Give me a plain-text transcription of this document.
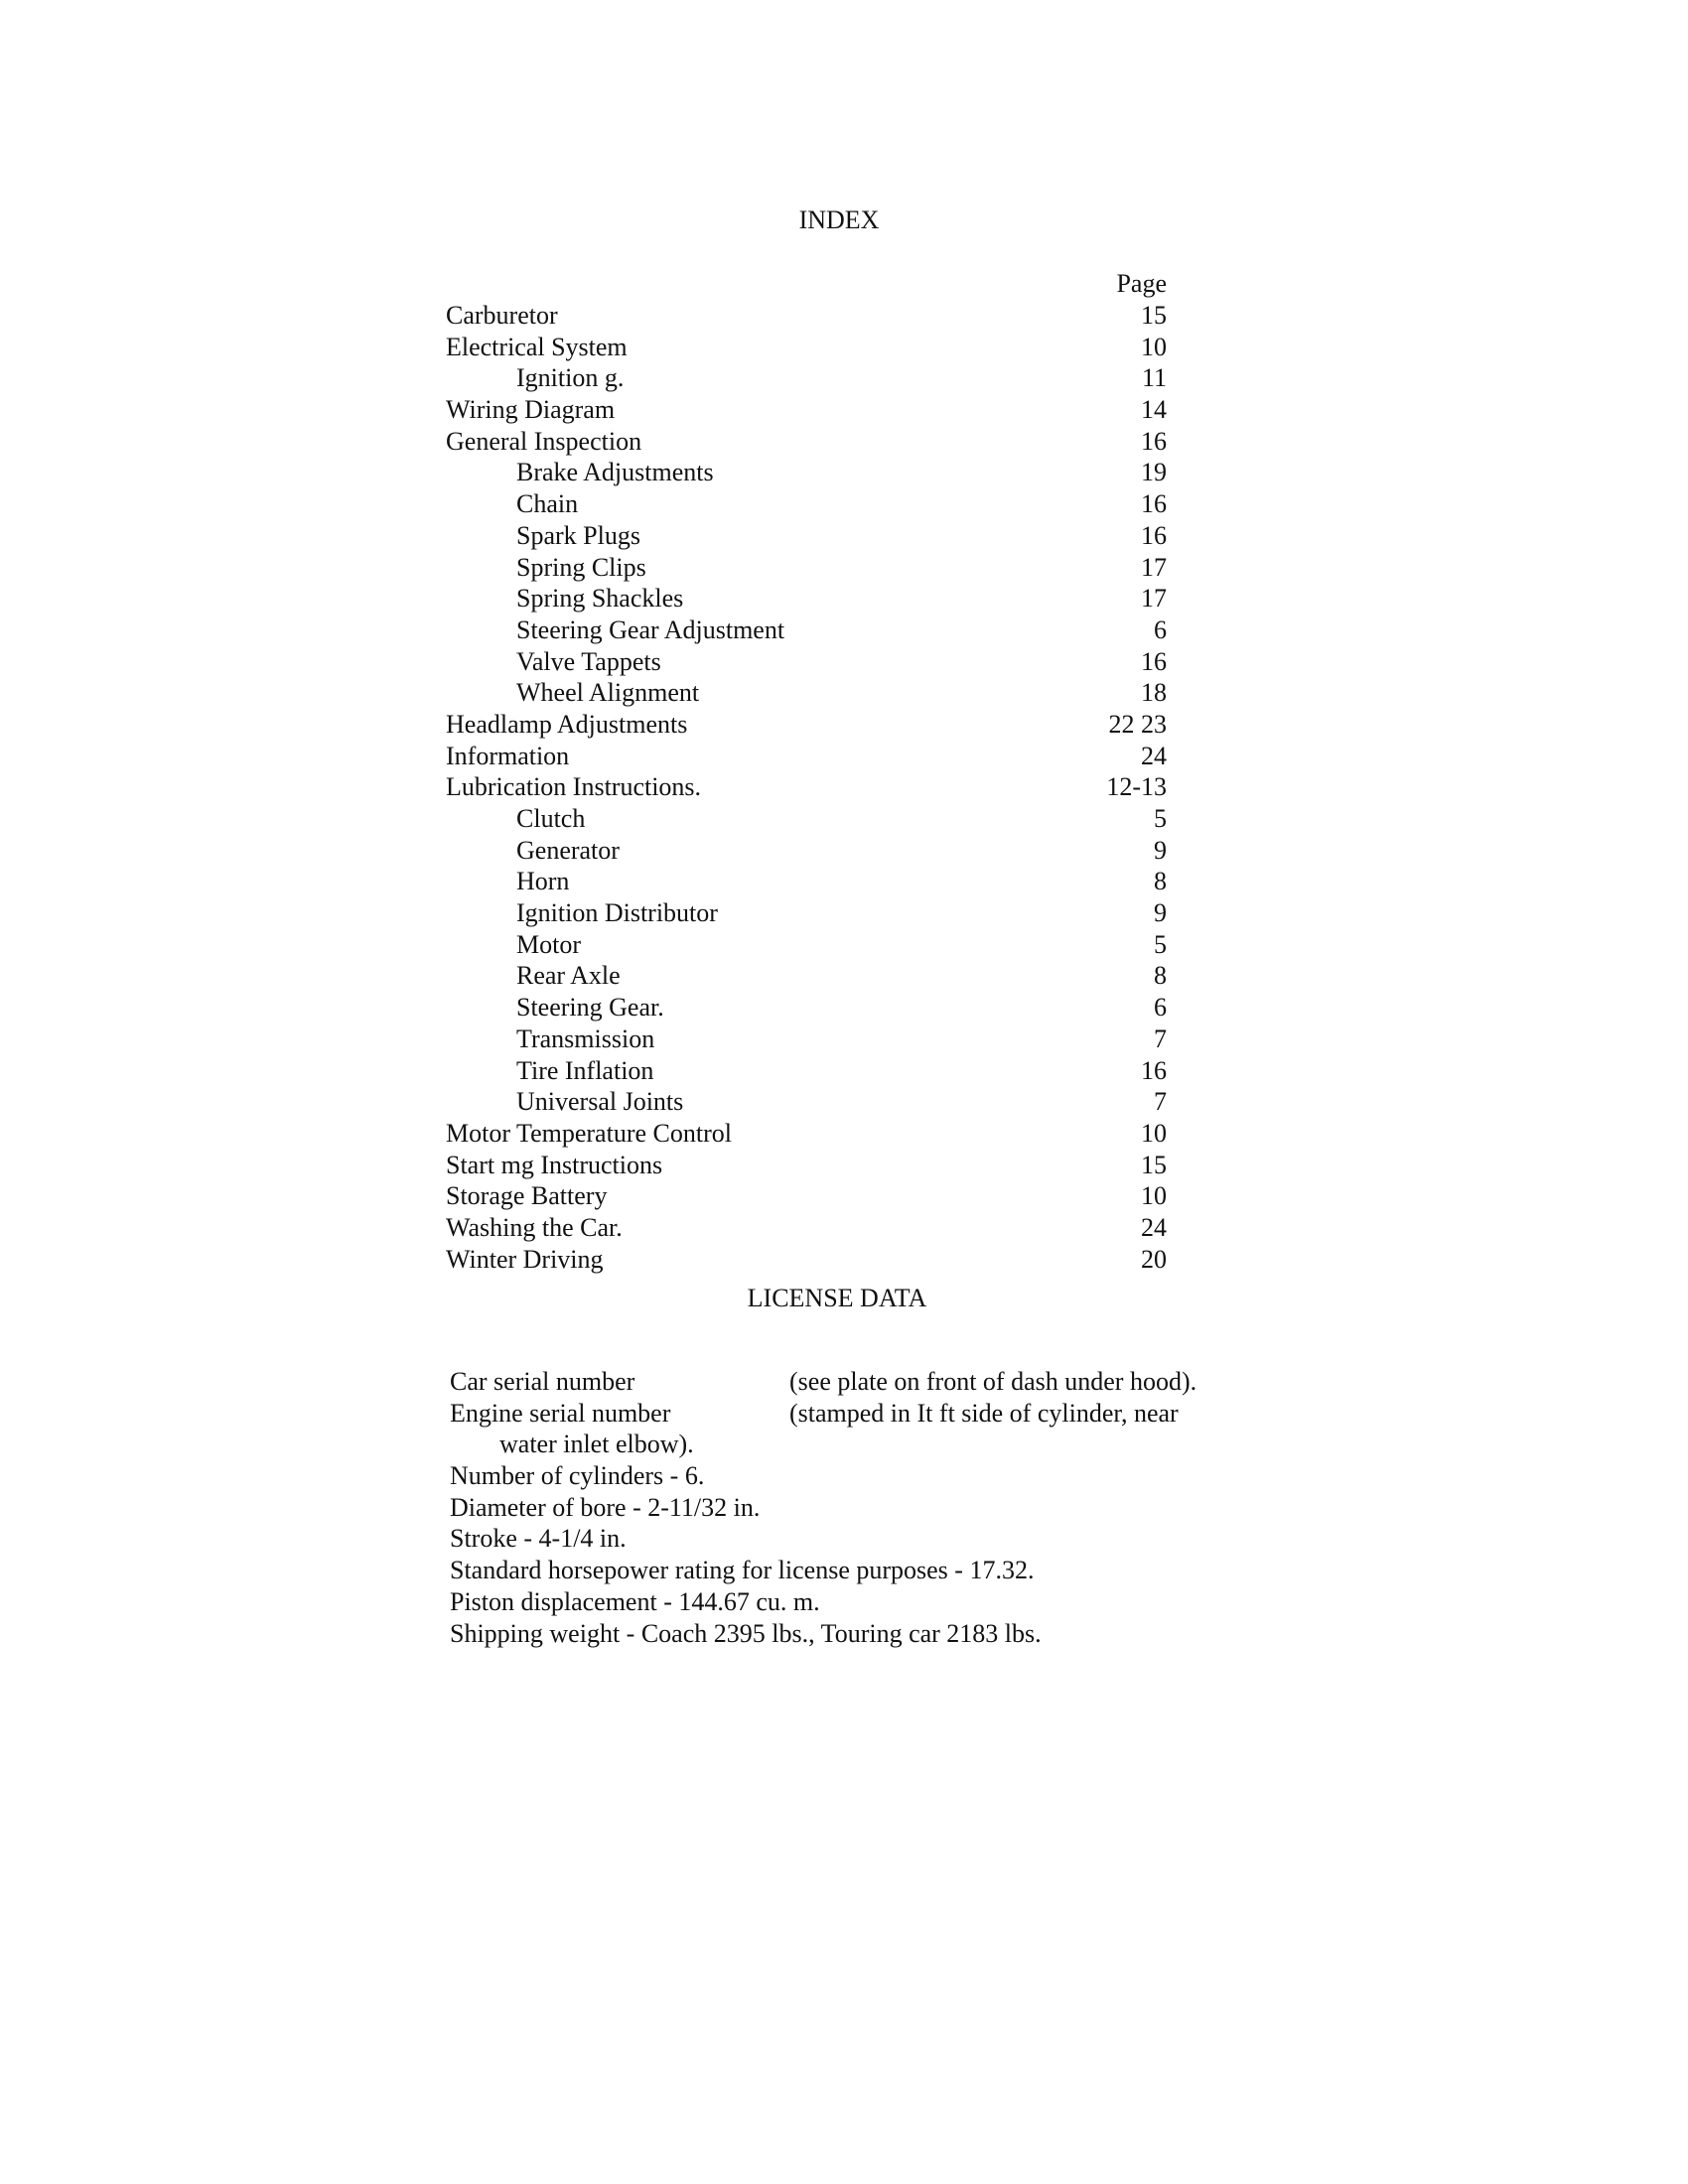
INDEX
Page
Carburetor	15
Electrical System	10
Ignition g.	11
Wiring Diagram	14
General Inspection	16
Brake Adjustments	19
Chain	16
Spark Plugs	16
Spring Clips	17
Spring Shackles	17
Steering Gear Adjustment	6
Valve Tappets	16
Wheel Alignment	18
Headlamp Adjustments	22 23
Information	24
Lubrication Instructions.	12-13
Clutch	5
Generator	9
Horn	8
Ignition Distributor	9
Motor	5
Rear Axle	8
Steering Gear.	6
Transmission	7
Tire Inflation	16
Universal Joints	7
Motor Temperature Control	10
Start mg Instructions	15
Storage Battery	10
Washing the Car.	24
Winter Driving	20
LICENSE DATA
Car serial number	(see plate on front of dash under hood).
Engine serial number	(stamped in It ft side of cylinder, near
water inlet elbow).
Number of cylinders - 6.
Diameter of bore - 2-11/32 in.
Stroke - 4-1/4 in.
Standard horsepower rating for license purposes - 17.32.
Piston displacement - 144.67 cu. m.
Shipping weight - Coach 2395 lbs., Touring car 2183 lbs.
